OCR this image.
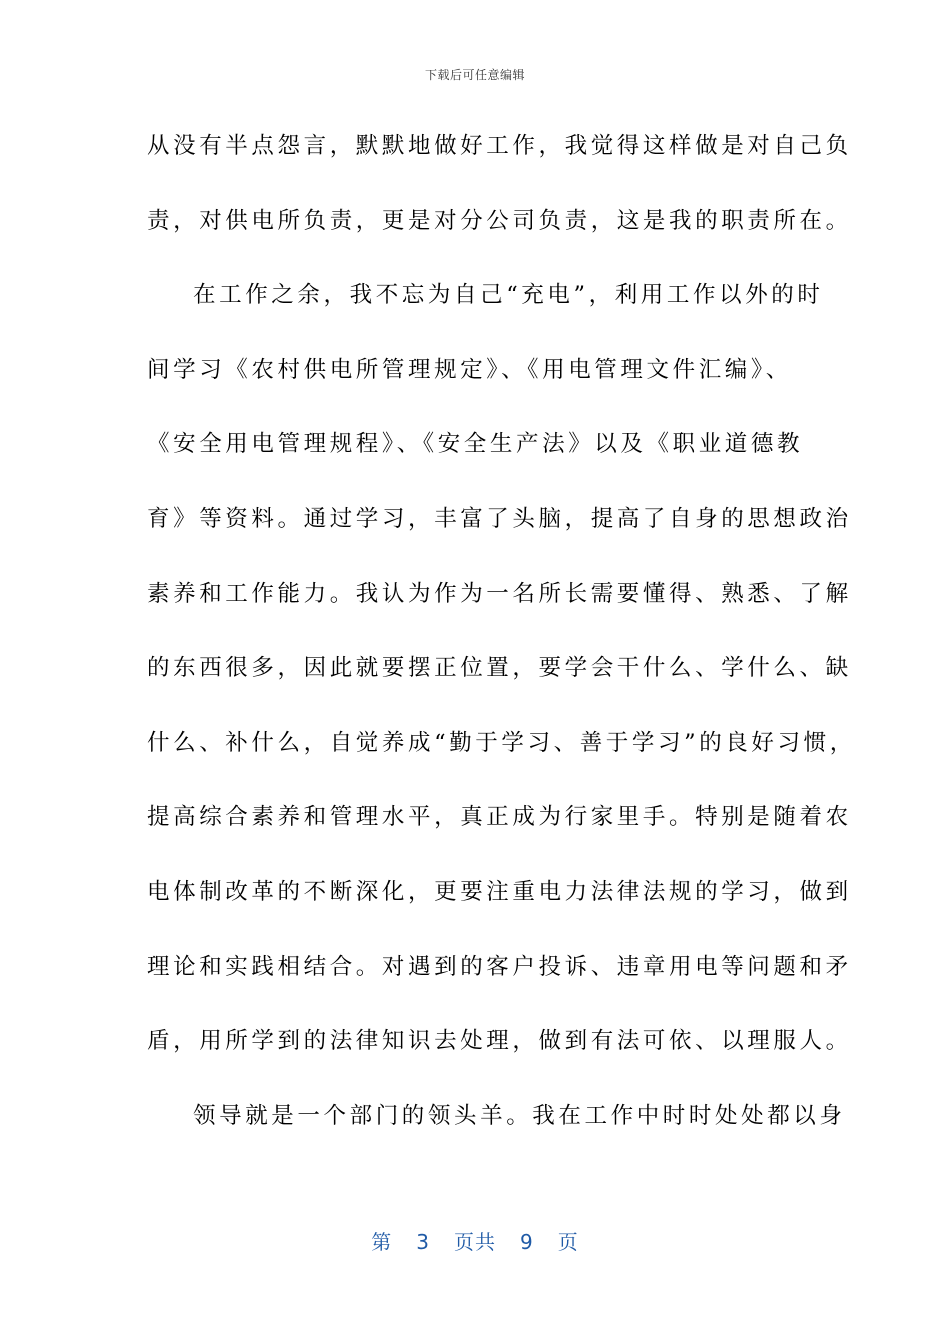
下载后可任意编辑
从没有半点怨言，默默地做好工作，我觉得这样做是对自己负
责，对供电所负责，更是对分公司负责，这是我的职责所在。
在工作之余，我不忘为自己“充电”，利用工作以外的时
间学习《农村供电所管理规定》、《用电管理文件汇编》、
《安全用电管理规程》、《安全生产法》以及《职业道德教
育》等资料。通过学习，丰富了头脑，提高了自身的思想政治
素养和工作能力。我认为作为一名所长需要懂得、熟悉、了解
的东西很多，因此就要摆正位置，要学会干什么、学什么、缺
什么、补什么，自觉养成“勤于学习、善于学习”的良好习惯，
提高综合素养和管理水平，真正成为行家里手。特别是随着农
电体制改革的不断深化，更要注重电力法律法规的学习，做到
理论和实践相结合。对遇到的客户投诉、违章用电等问题和矛
盾，用所学到的法律知识去处理，做到有法可依、以理服人。
领导就是一个部门的领头羊。我在工作中时时处处都以身
第 3 页共 9 页
